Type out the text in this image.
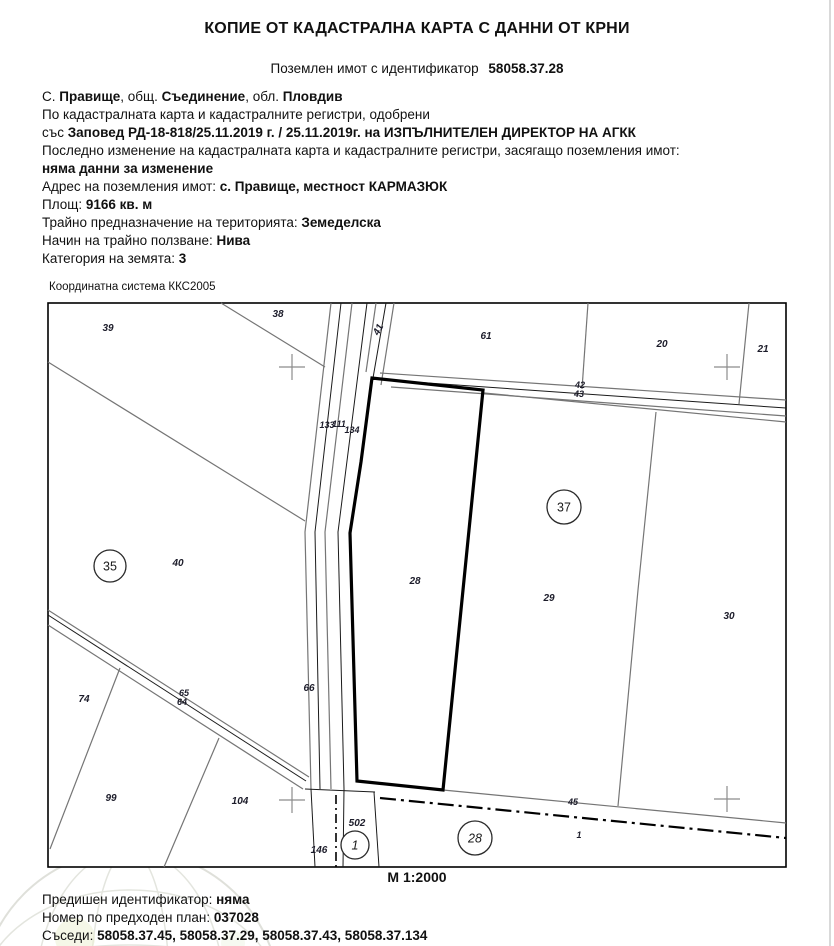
КОПИЕ ОТ КАДАСТРАЛНА КАРТА С ДАННИ ОТ КРНИ
Поземлен имот с идентификатор 58058.37.28
С. Правище, общ. Съединение, обл. Пловдив
По кадастралната карта и кадастралните регистри, одобрени
със Заповед РД-18-818/25.11.2019 г. / 25.11.2019г. на ИЗПЪЛНИТЕЛЕН ДИРЕКТОР НА АГКК
Последно изменение на кадастралната карта и кадастралните регистри, засягащо поземления имот:
няма данни за изменение
Адрес на поземления имот: с. Правище, местност КАРМАЗЮК
Площ: 9166 кв. м
Трайно предназначение на територията: Земеделска
Начин на трайно ползване: Нива
Категория на земята: 3
Координатна система ККС2005
35
37
28
1
39
38
41	61
20	21
42
43
133
111
134
40
28
29
30
74
65
64
66
99	104	45
1
502
146
М 1:2000
Предишен идентификатор: няма
Номер по предходен план: 037028
Съседи: 58058.37.45, 58058.37.29, 58058.37.43, 58058.37.134
